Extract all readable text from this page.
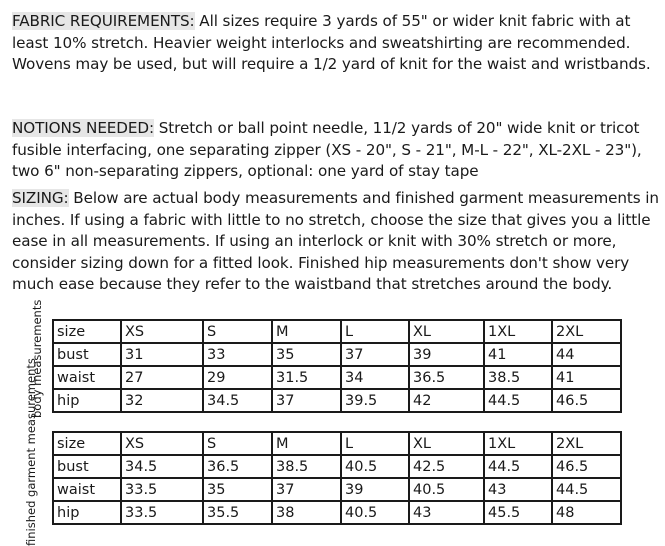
FABRIC REQUIREMENTS: All sizes require 3 yards of 55" or wider knit fabric with at least 10% stretch. Heavier weight interlocks and sweatshirting are recommended. Wovens may be used, but will require a 1/2 yard of knit for the waist and wristbands.

NOTIONS NEEDED: Stretch or ball point needle, 11/2 yards of 20" wide knit or tricot fusible interfacing, one separating zipper (XS - 20", S - 21", M-L - 22", XL-2XL - 23"), two 6" non-separating zippers, optional: one yard of stay tape

SIZING: Below are actual body measurements and finished garment measurements in inches. If using a fabric with little to no stretch, choose the size that gives you a little ease in all measurements. If using an interlock or knit with 30% stretch or more, consider sizing down for a fitted look. Finished hip measurements don't show very much ease because they refer to the waistband that stretches around the body.

body measurements size	XS	S	M	L	XL	1XL	2XL
bust	31	33	35	37	39	41	44
waist	27	29	31.5	34	36.5	38.5	41
hip	32	34.5	37	39.5	42	44.5	46.5
finished garment measurements	size	XS	S	M	L	XL	1XL	2XL
bust	34.5	36.5	38.5	40.5	42.5	44.5	46.5
waist	33.5	35	37	39	40.5	43	44.5
hip	33.5	35.5	38	40.5	43	45.5	48
